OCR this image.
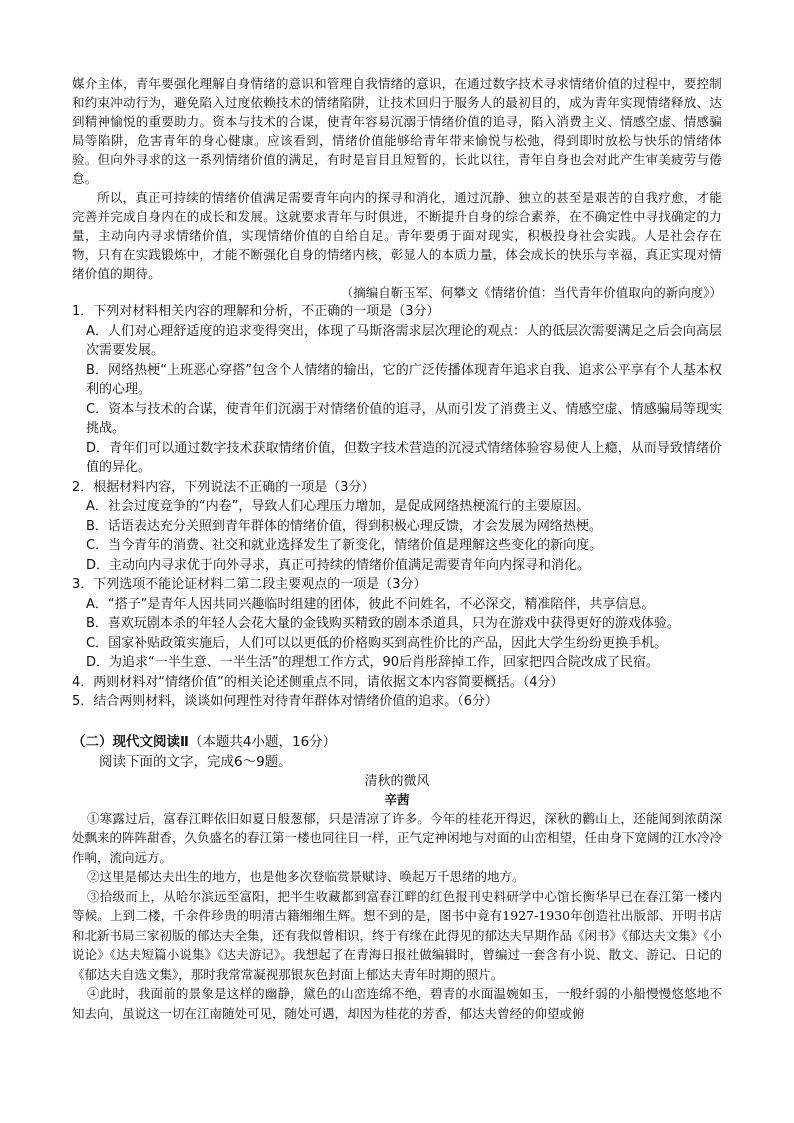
媒介主体，青年要强化理解自身情绪的意识和管理自我情绪的意识，在通过数字技术寻求情绪价值的过程中，要控制和约束冲动行为，避免陷入过度依赖技术的情绪陷阱，让技术回归于服务人的最初目的，成为青年实现情绪释放、达到精神愉悦的重要助力。资本与技术的合谋，使青年容易沉溺于情绪价值的追寻，陷入消费主义、情感空虚、情感骗局等陷阱，危害青年的身心健康。应该看到，情绪价值能够给青年带来愉悦与松弛，得到即时放松与快乐的情绪体验。但向外寻求的这一系列情绪价值的满足，有时是盲目且短暂的，长此以往，青年自身也会对此产生审美疲劳与倦怠。

所以，真正可持续的情绪价值满足需要青年向内的探寻和消化，通过沉静、独立的甚至是艰苦的自我疗愈，才能完善并完成自身内在的成长和发展。这就要求青年与时俱进，不断提升自身的综合素养，在不确定性中寻找确定的力量，主动向内寻求情绪价值，实现情绪价值的自给自足。青年要勇于面对现实，积极投身社会实践。人是社会存在物，只有在实践锻炼中，才能不断强化自身的情绪内核，彰显人的本质力量，体会成长的快乐与幸福，真正实现对情绪价值的期待。

（摘编自靳玉军、何攀文《情绪价值：当代青年价值取向的新向度》）

1．下列对材料相关内容的理解和分析，不正确的一项是（3分）

A．人们对心理舒适度的追求变得突出，体现了马斯洛需求层次理论的观点：人的低层次需要满足之后会向高层次需要发展。

B．网络热梗“上班恶心穿搭”包含个人情绪的输出，它的广泛传播体现青年追求自我、追求公平享有个人基本权利的心理。

C．资本与技术的合谋，使青年们沉溺于对情绪价值的追寻，从而引发了消费主义、情感空虚、情感骗局等现实挑战。

D．青年们可以通过数字技术获取情绪价值，但数字技术营造的沉浸式情绪体验容易使人上瘾，从而导致情绪价值的异化。

2．根据材料内容，下列说法不正确的一项是（3分）

A．社会过度竞争的“内卷”，导致人们心理压力增加，是促成网络热梗流行的主要原因。

B．话语表达充分关照到青年群体的情绪价值，得到积极心理反馈，才会发展为网络热梗。

C．当今青年的消费、社交和就业选择发生了新变化，情绪价值是理解这些变化的新向度。

D．主动向内寻求优于向外寻求，真正可持续的情绪价值满足需要青年向内探寻和消化。

3．下列选项不能论证材料二第二段主要观点的一项是（3分）

A．“搭子”是青年人因共同兴趣临时组建的团体，彼此不问姓名，不必深交，精准陪伴，共享信息。

B．喜欢玩剧本杀的年轻人会花大量的金钱购买精致的剧本杀道具，只为在游戏中获得更好的游戏体验。

C．国家补贴政策实施后，人们可以以更低的价格购买到高性价比的产品，因此大学生纷纷更换手机。

D．为追求“一半生意、一半生活”的理想工作方式，90后肖彤辞掉工作，回家把四合院改成了民宿。

4．两则材料对“情绪价值”的相关论述侧重点不同，请依据文本内容简要概括。（4分）

5．结合两则材料，谈谈如何理性对待青年群体对情绪价值的追求。（6分）

（二）现代文阅读Ⅱ（本题共4小题，16分）

阅读下面的文字，完成6～9题。

清秋的微风

辛茜

①寒露过后，富春江畔依旧如夏日般葱郁，只是清凉了许多。今年的桂花开得迟，深秋的鹳山上，还能闻到浓荫深处飘来的阵阵甜香，久负盛名的春江第一楼也同往日一样，正气定神闲地与对面的山峦相望，任由身下宽阔的江水冷冷作响，流向远方。

②这里是郁达夫出生的地方，也是他多次登临赏景赋诗、唤起万千思绪的地方。

③拾级而上，从哈尔滨远至富阳，把半生收藏都到富春江畔的红色报刊史料研学中心馆长衡华早已在春江第一楼内等候。上到二楼，千余件珍贵的明清古籍缃缃生辉。想不到的是，图书中竟有1927-1930年创造社出版部、开明书店和北新书局三家初版的郁达夫全集，还有我似曾相识，终于有缘在此得见的郁达夫早期作品《闲书》《郁达夫文集》《小说论》《达夫短篇小说集》《达夫游记》。我想起了在青海日报社做编辑时，曾编过一套含有小说、散文、游记、日记的《郁达夫自选文集》，那时我常常凝视那银灰色封面上郁达夫青年时期的照片。

④此时，我面前的景象是这样的幽静，黛色的山峦连绵不绝，碧青的水面温婉如玉，一般纤弱的小船慢慢悠悠地不知去向，虽说这一切在江南随处可见，随处可遇，却因为桂花的芳香，郁达夫曾经的仰望或俯
